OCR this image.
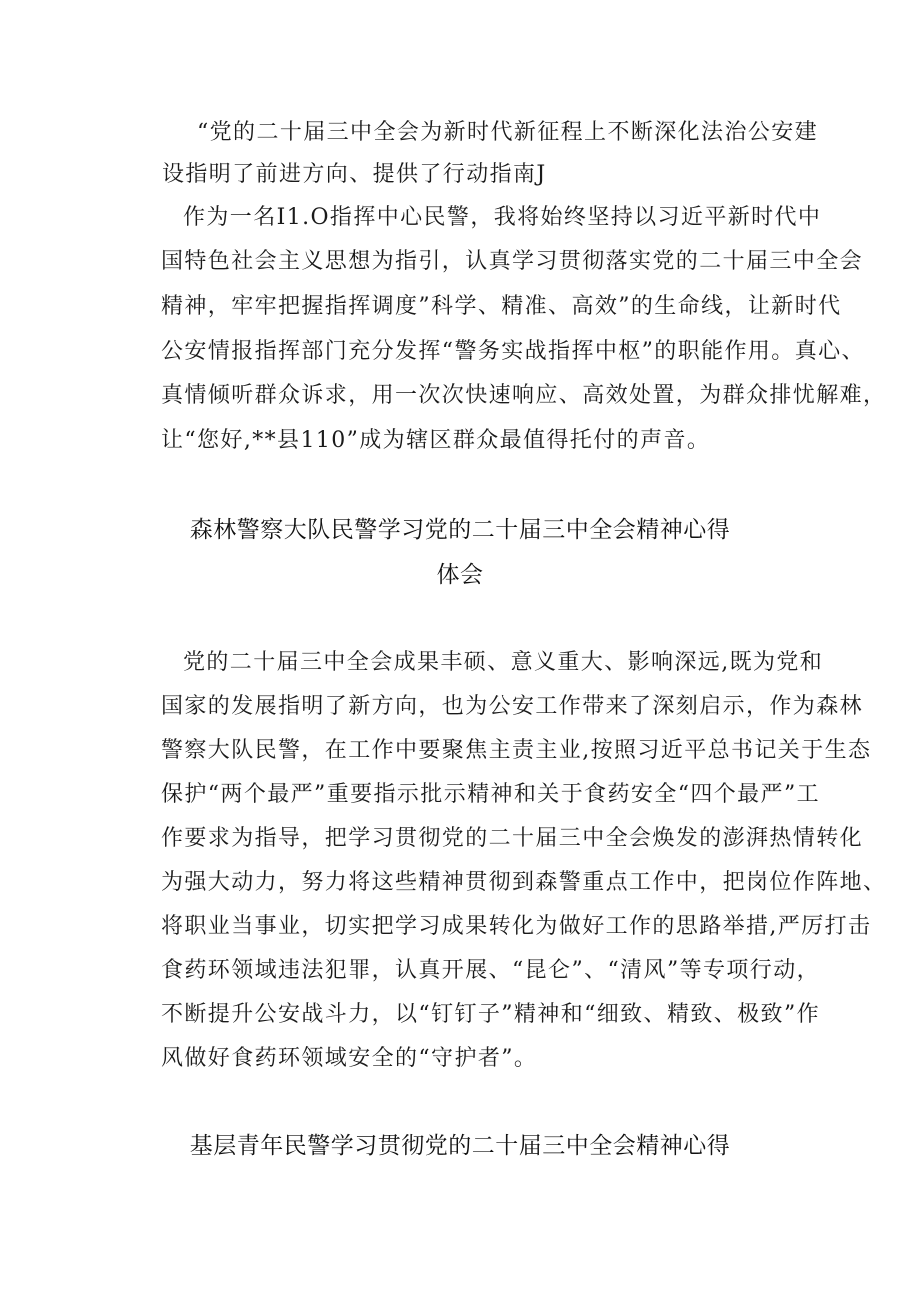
“党的二十届三中全会为新时代新征程上不断深化法治公安建
设指明了前进方向、提供了行动指南J
作为一名I1.O指挥中心民警，我将始终坚持以习近平新时代中
国特色社会主义思想为指引，认真学习贯彻落实党的二十届三中全会
精神，牢牢把握指挥调度”科学、精准、高效”的生命线，让新时代
公安情报指挥部门充分发挥“警务实战指挥中枢”的职能作用。真心、
真情倾听群众诉求，用一次次快速响应、高效处置，为群众排忧解难，
让“您好,**县110”成为辖区群众最值得托付的声音。
森林警察大队民警学习党的二十届三中全会精神心得
体会
党的二十届三中全会成果丰硕、意义重大、影响深远,既为党和
国家的发展指明了新方向，也为公安工作带来了深刻启示，作为森林
警察大队民警，在工作中要聚焦主责主业,按照习近平总书记关于生态
保护“两个最严”重要指示批示精神和关于食药安全“四个最严”工
作要求为指导，把学习贯彻党的二十届三中全会焕发的澎湃热情转化
为强大动力，努力将这些精神贯彻到森警重点工作中，把岗位作阵地、
将职业当事业，切实把学习成果转化为做好工作的思路举措,严厉打击
食药环领域违法犯罪，认真开展、“昆仑”、“清风”等专项行动，
不断提升公安战斗力，以“钉钉子”精神和“细致、精致、极致”作
风做好食药环领域安全的“守护者”。
基层青年民警学习贯彻党的二十届三中全会精神心得
